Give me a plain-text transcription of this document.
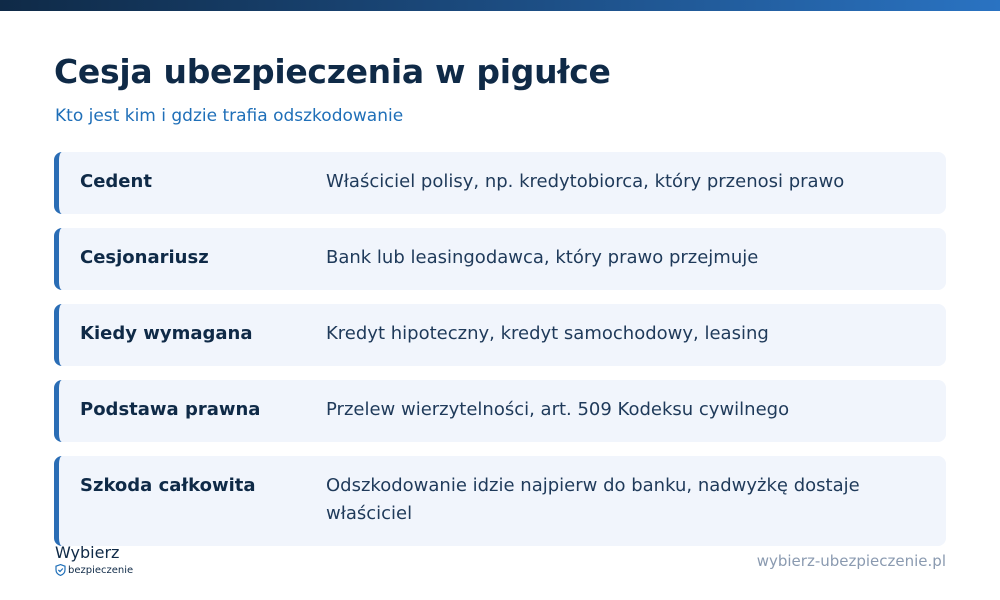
Cesja ubezpieczenia w pigułce
Kto jest kim i gdzie trafia odszkodowanie
Cedent	Właściciel polisy, np. kredytobiorca, który przenosi prawo
Cesjonariusz	Bank lub leasingodawca, który prawo przejmuje
Kiedy wymagana	Kredyt hipoteczny, kredyt samochodowy, leasing
Podstawa prawna	Przelew wierzytelności, art. 509 Kodeksu cywilnego
Szkoda całkowita	Odszkodowanie idzie najpierw do banku, nadwyżkę dostaje właściciel
Wybierz
bezpieczenie	wybierz-ubezpieczenie.pl
